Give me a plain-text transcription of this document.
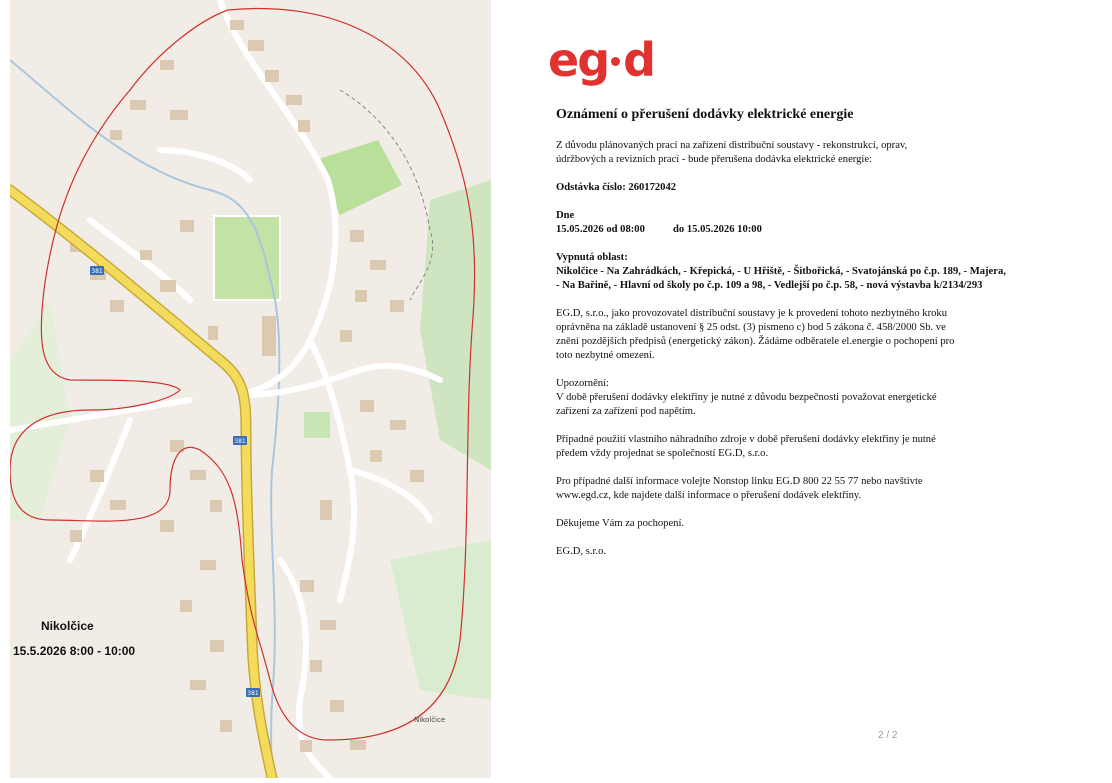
381
381
381
Nikolčice
15.5.2026 8:00 - 10:00
Nikolčice
eg d
Oznámení o přerušení dodávky elektrické energie
Z důvodu plánovaných prací na zařízení distribuční soustavy - rekonstrukcí, oprav,
údržbových a revizních prací - bude přerušena dodávka elektrické energie:
Odstávka číslo: 260172042
Dne
15.05.2026 od 08:00	do 15.05.2026 10:00
Vypnutá oblast:
Nikolčice - Na Zahrádkách, - Křepická, - U Hřiště, - Šitbořická, - Svatojánská po č.p. 189, - Majera,
- Na Bařině, - Hlavní od školy po č.p. 109 a 98, - Vedlejší po č.p. 58, - nová výstavba k/2134/293
EG.D, s.r.o., jako provozovatel distribuční soustavy je k provedení tohoto nezbytného kroku
oprávněna na základě ustanovení § 25 odst. (3) písmeno c) bod 5 zákona č. 458/2000 Sb. ve
znění pozdějších předpisů (energetický zákon). Žádáme odběratele el.energie o pochopení pro
toto nezbytné omezení.
Upozornění:
V době přerušení dodávky elektřiny je nutné z důvodu bezpečnosti považovat energetické
zařízení za zařízení pod napětím.
Případné použití vlastního náhradního zdroje v době přerušení dodávky elektřiny je nutné
předem vždy projednat se společností EG.D, s.r.o.
Pro případné další informace volejte Nonstop linku EG.D 800 22 55 77 nebo navštivte
www.egd.cz, kde najdete další informace o přerušení dodávek elektřiny.
Děkujeme Vám za pochopení.
EG.D, s.r.o.
2 / 2
